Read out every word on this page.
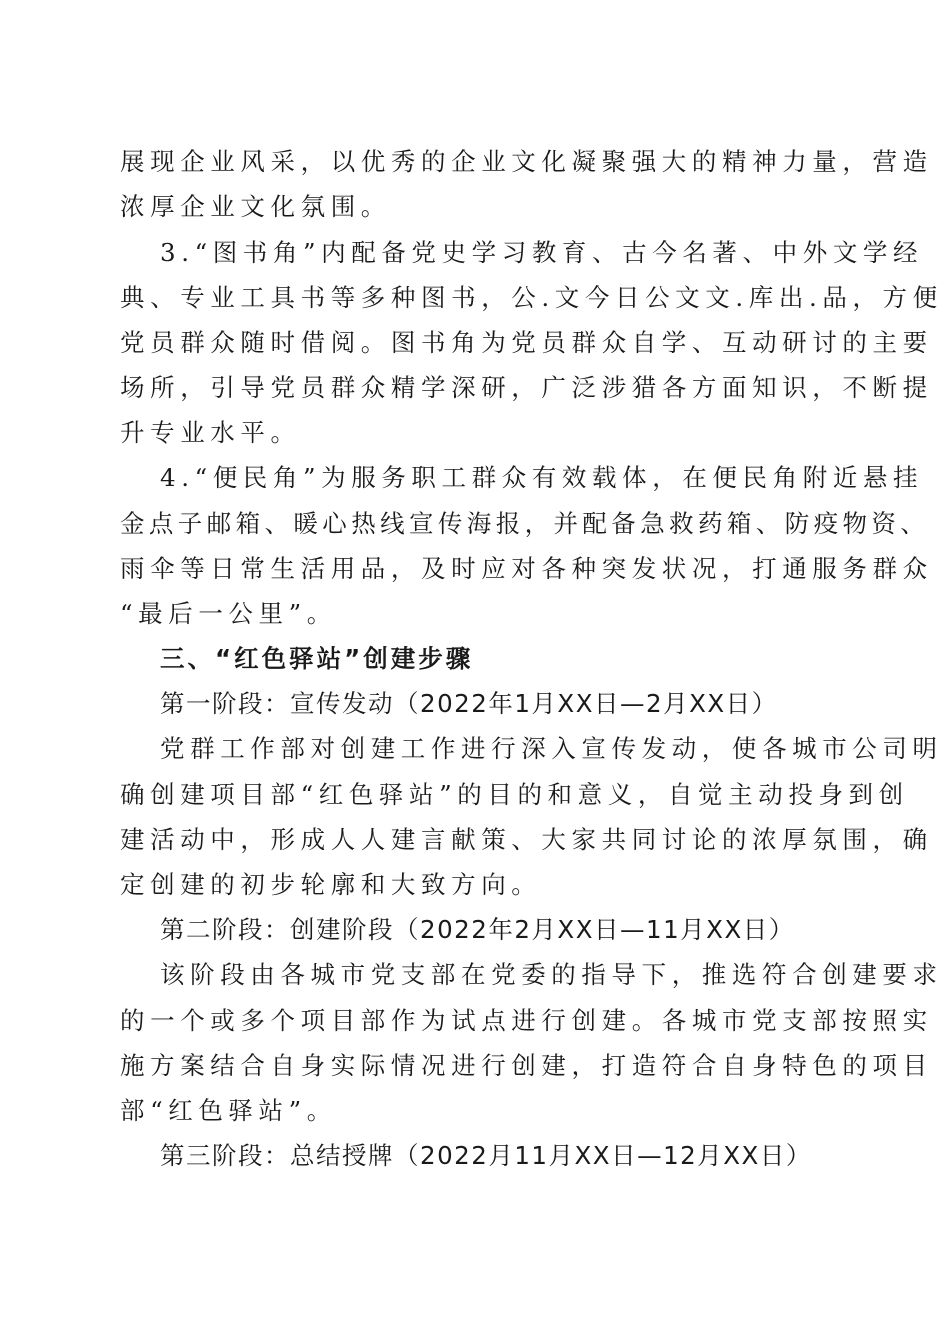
展现企业风采，以优秀的企业文化凝聚强大的精神力量，营造
浓厚企业文化氛围。
3.“图书角”内配备党史学习教育、古今名著、中外文学经
典、专业工具书等多种图书，公.文今日公文文.库出.品，方便
党员群众随时借阅。图书角为党员群众自学、互动研讨的主要
场所，引导党员群众精学深研，广泛涉猎各方面知识，不断提
升专业水平。
4.“便民角”为服务职工群众有效载体，在便民角附近悬挂
金点子邮箱、暖心热线宣传海报，并配备急救药箱、防疫物资、
雨伞等日常生活用品，及时应对各种突发状况，打通服务群众
“最后一公里”。
三、“红色驿站”创建步骤
第一阶段：宣传发动（2022年1月XX日—2月XX日）
党群工作部对创建工作进行深入宣传发动，使各城市公司明
确创建项目部“红色驿站”的目的和意义，自觉主动投身到创
建活动中，形成人人建言献策、大家共同讨论的浓厚氛围，确
定创建的初步轮廓和大致方向。
第二阶段：创建阶段（2022年2月XX日—11月XX日）
该阶段由各城市党支部在党委的指导下，推选符合创建要求
的一个或多个项目部作为试点进行创建。各城市党支部按照实
施方案结合自身实际情况进行创建，打造符合自身特色的项目
部“红色驿站”。
第三阶段：总结授牌（2022月11月XX日—12月XX日）
